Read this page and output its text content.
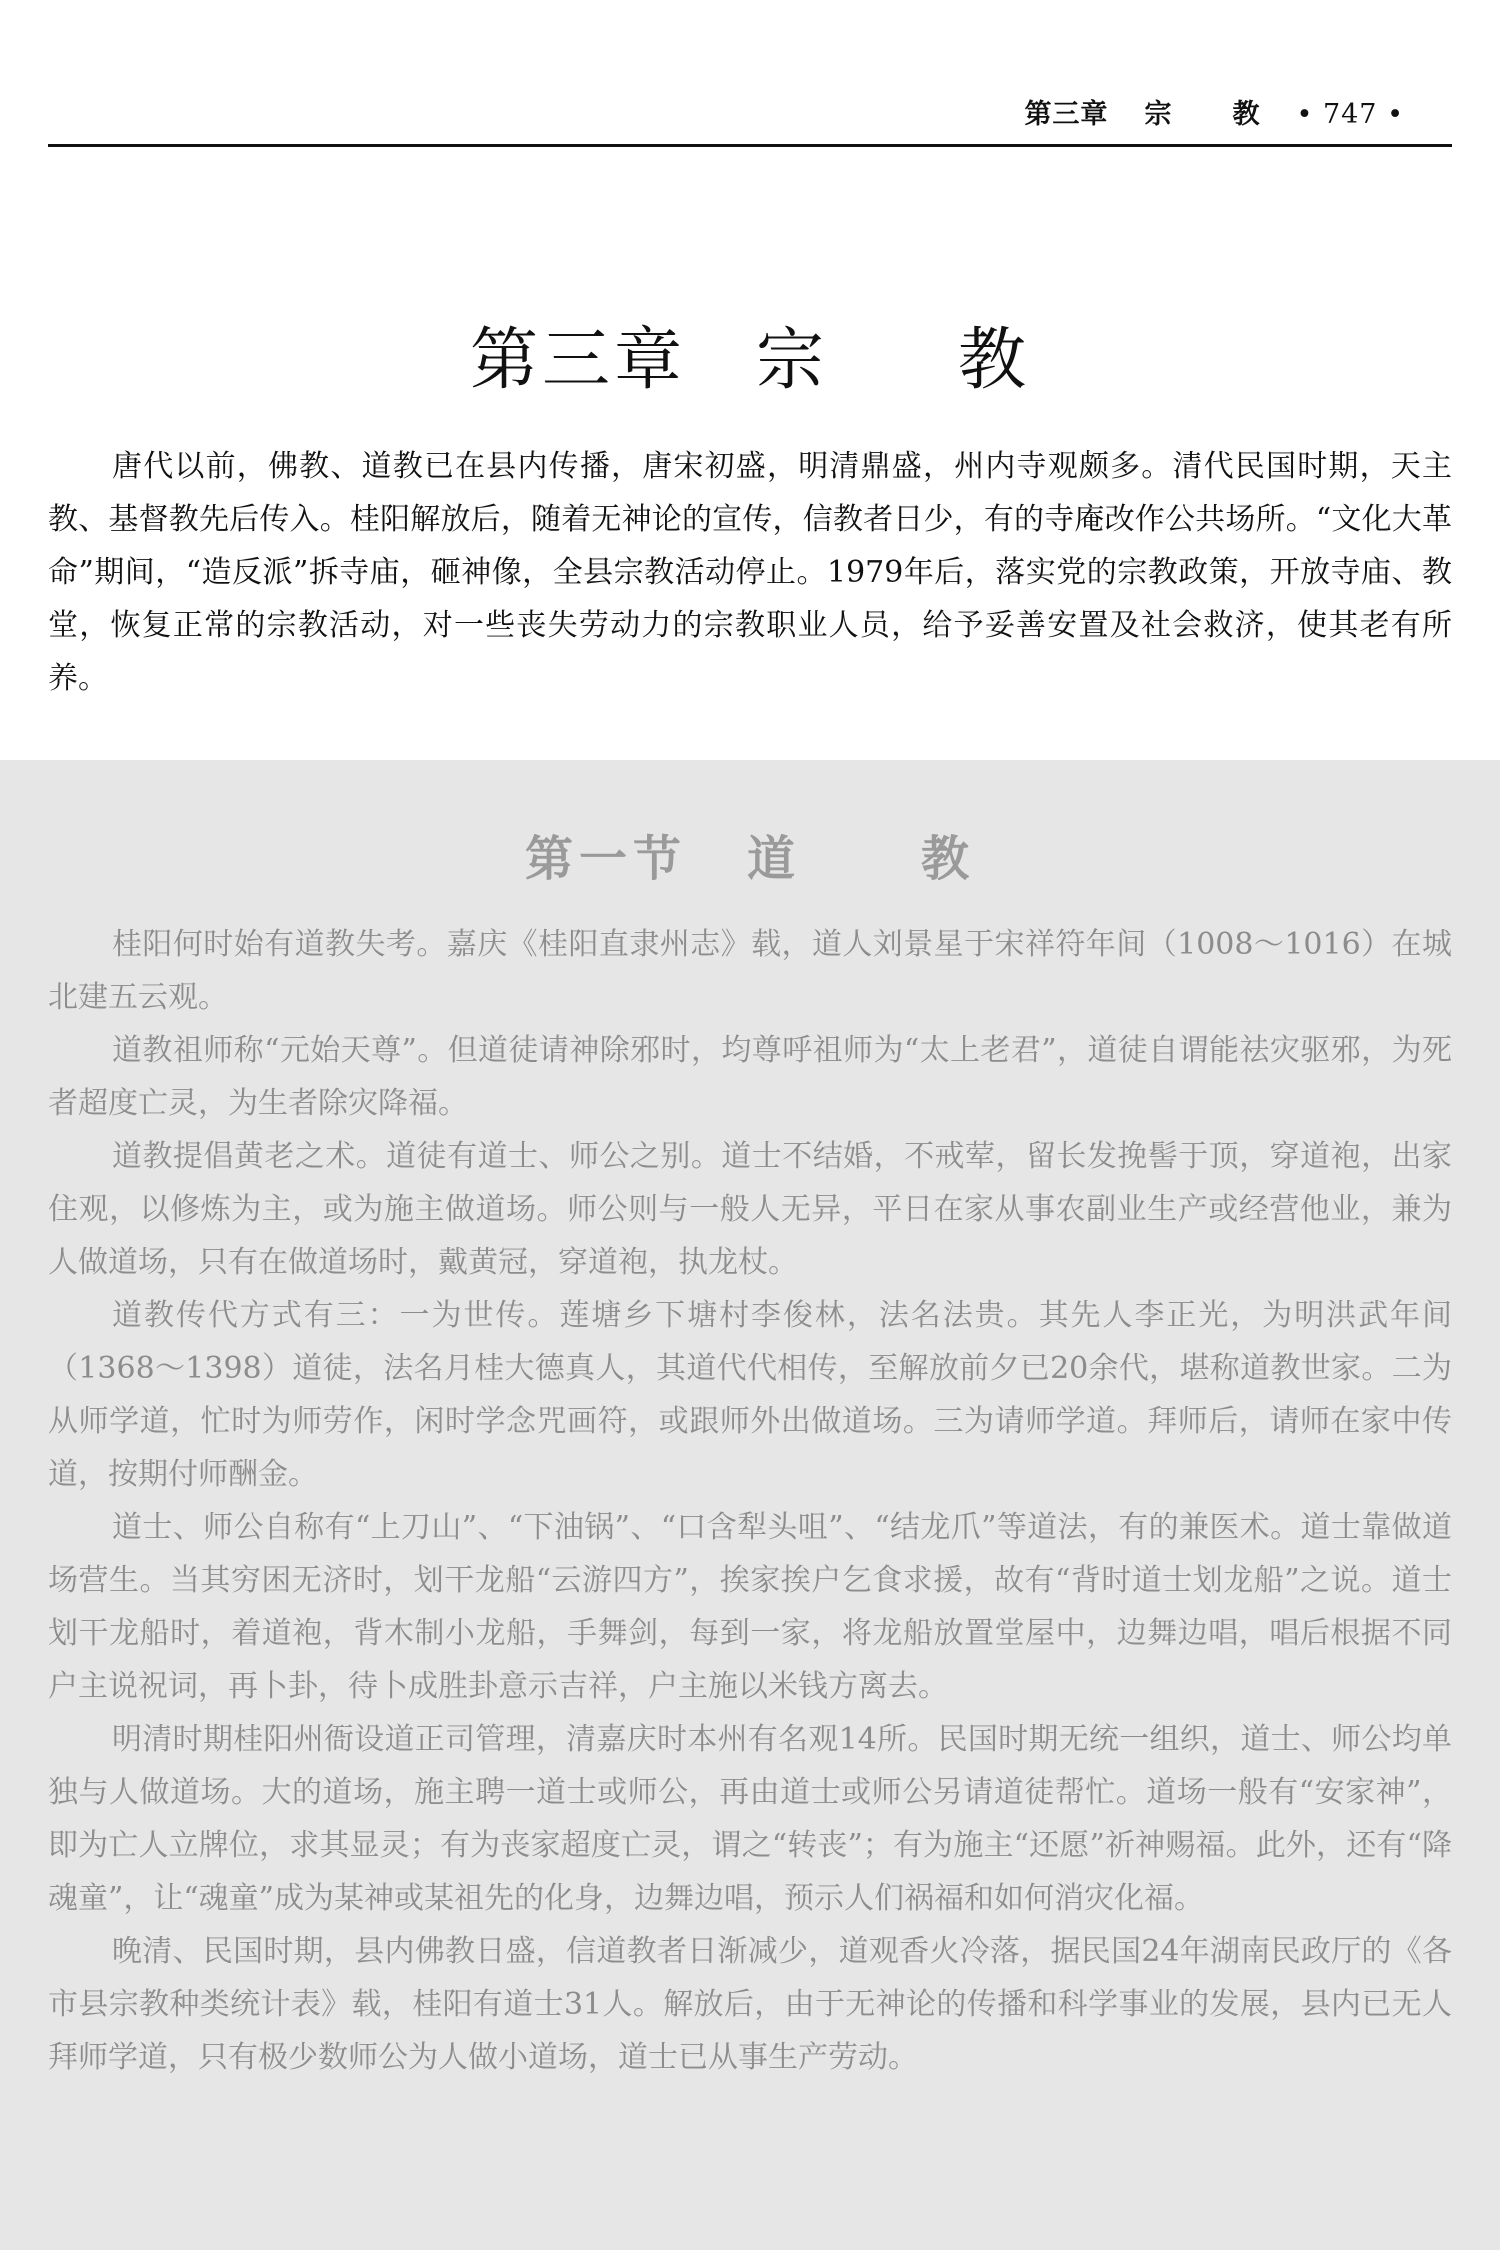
第三章 宗 教 • 747 •
第三章 宗 教

唐代以前，佛教、道教已在县内传播，唐宋初盛，明清鼎盛，州内寺观颇多。清代民国时期，天主教、基督教先后传入。桂阳解放后，随着无神论的宣传，信教者日少，有的寺庵改作公共场所。“文化大革命”期间，“造反派”拆寺庙，砸神像，全县宗教活动停止。1979年后，落实党的宗教政策，开放寺庙、教堂，恢复正常的宗教活动，对一些丧失劳动力的宗教职业人员，给予妥善安置及社会救济，使其老有所养。

第一节 道	教

桂阳何时始有道教失考。嘉庆《桂阳直隶州志》载，道人刘景星于宋祥符年间（1008～1016）在城北建五云观。

道教祖师称“元始天尊”。但道徒请神除邪时，均尊呼祖师为“太上老君”，道徒自谓能祛灾驱邪，为死者超度亡灵，为生者除灾降福。

道教提倡黄老之术。道徒有道士、师公之别。道士不结婚，不戒荤，留长发挽髻于顶，穿道袍，出家住观，以修炼为主，或为施主做道场。师公则与一般人无异，平日在家从事农副业生产或经营他业，兼为人做道场，只有在做道场时，戴黄冠，穿道袍，执龙杖。

道教传代方式有三：一为世传。莲塘乡下塘村李俊林，法名法贵。其先人李正光，为明洪武年间（1368～1398）道徒，法名月桂大德真人，其道代代相传，至解放前夕已20余代，堪称道教世家。二为从师学道，忙时为师劳作，闲时学念咒画符，或跟师外出做道场。三为请师学道。拜师后，请师在家中传道，按期付师酬金。

道士、师公自称有“上刀山”、“下油锅”、“口含犁头咀”、“结龙爪”等道法，有的兼医术。道士靠做道场营生。当其穷困无济时，划干龙船“云游四方”，挨家挨户乞食求援，故有“背时道士划龙船”之说。道士划干龙船时，着道袍，背木制小龙船，手舞剑，每到一家，将龙船放置堂屋中，边舞边唱，唱后根据不同户主说祝词，再卜卦，待卜成胜卦意示吉祥，户主施以米钱方离去。

明清时期桂阳州衙设道正司管理，清嘉庆时本州有名观14所。民国时期无统一组织，道士、师公均单独与人做道场。大的道场，施主聘一道士或师公，再由道士或师公另请道徒帮忙。道场一般有“安家神”，即为亡人立牌位，求其显灵；有为丧家超度亡灵，谓之“转丧”；有为施主“还愿”祈神赐福。此外，还有“降魂童”，让“魂童”成为某神或某祖先的化身，边舞边唱，预示人们祸福和如何消灾化福。

晚清、民国时期，县内佛教日盛，信道教者日渐减少，道观香火冷落，据民国24年湖南民政厅的《各市县宗教种类统计表》载，桂阳有道士31人。解放后，由于无神论的传播和科学事业的发展，县内已无人拜师学道，只有极少数师公为人做小道场，道士已从事生产劳动。
